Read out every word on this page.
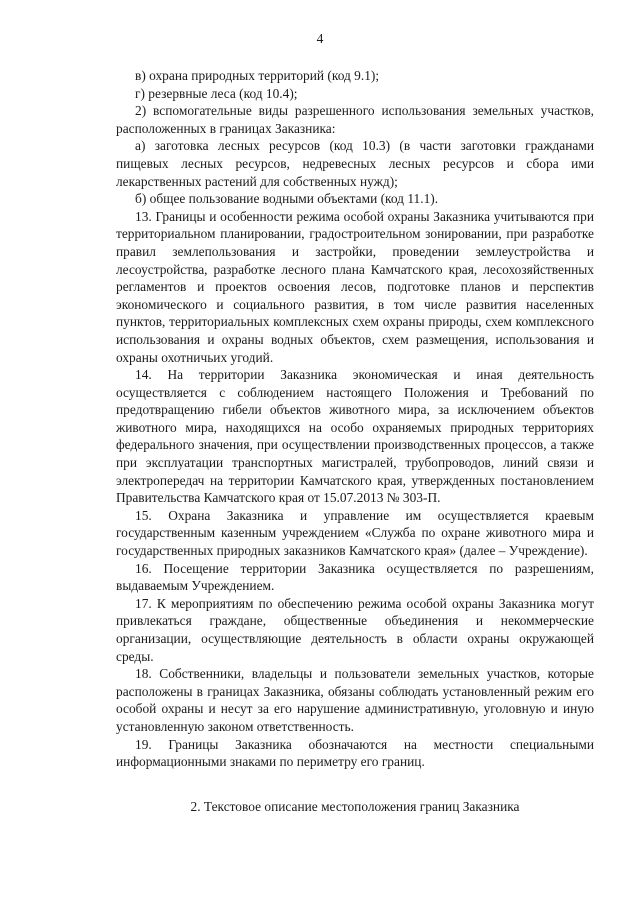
4

в) охрана природных территорий (код 9.1);

г) резервные леса (код 10.4);

2) вспомогательные виды разрешенного использования земельных участков, расположенных в границах Заказника:

а) заготовка лесных ресурсов (код 10.3) (в части заготовки гражданами пищевых лесных ресурсов, недревесных лесных ресурсов и сбора ими лекарственных растений для собственных нужд);

б) общее пользование водными объектами (код 11.1).

13. Границы и особенности режима особой охраны Заказника учитываются при территориальном планировании, градостроительном зонировании, при разработке правил землепользования и застройки, проведении землеустройства и лесоустройства, разработке лесного плана Камчатского края, лесохозяйственных регламентов и проектов освоения лесов, подготовке планов и перспектив экономического и социального развития, в том числе развития населенных пунктов, территориальных комплексных схем охраны природы, схем комплексного использования и охраны водных объектов, схем размещения, использования и охраны охотничьих угодий.

14. На территории Заказника экономическая и иная деятельность осуществляется с соблюдением настоящего Положения и Требований по предотвращению гибели объектов животного мира, за исключением объектов животного мира, находящихся на особо охраняемых природных территориях федерального значения, при осуществлении производственных процессов, а также при эксплуатации транспортных магистралей, трубопроводов, линий связи и электропередач на территории Камчатского края, утвержденных постановлением Правительства Камчатского края от 15.07.2013 № 303-П.

15. Охрана Заказника и управление им осуществляется краевым государственным казенным учреждением «Служба по охране животного мира и государственных природных заказников Камчатского края» (далее – Учреждение).

16. Посещение территории Заказника осуществляется по разрешениям, выдаваемым Учреждением.

17. К мероприятиям по обеспечению режима особой охраны Заказника могут привлекаться граждане, общественные объединения и некоммерческие организации, осуществляющие деятельность в области охраны окружающей среды.

18. Собственники, владельцы и пользователи земельных участков, которые расположены в границах Заказника, обязаны соблюдать установленный режим его особой охраны и несут за его нарушение административную, уголовную и иную установленную законом ответственность.

19. Границы Заказника обозначаются на местности специальными информационными знаками по периметру его границ.

2. Текстовое описание местоположения границ Заказника
